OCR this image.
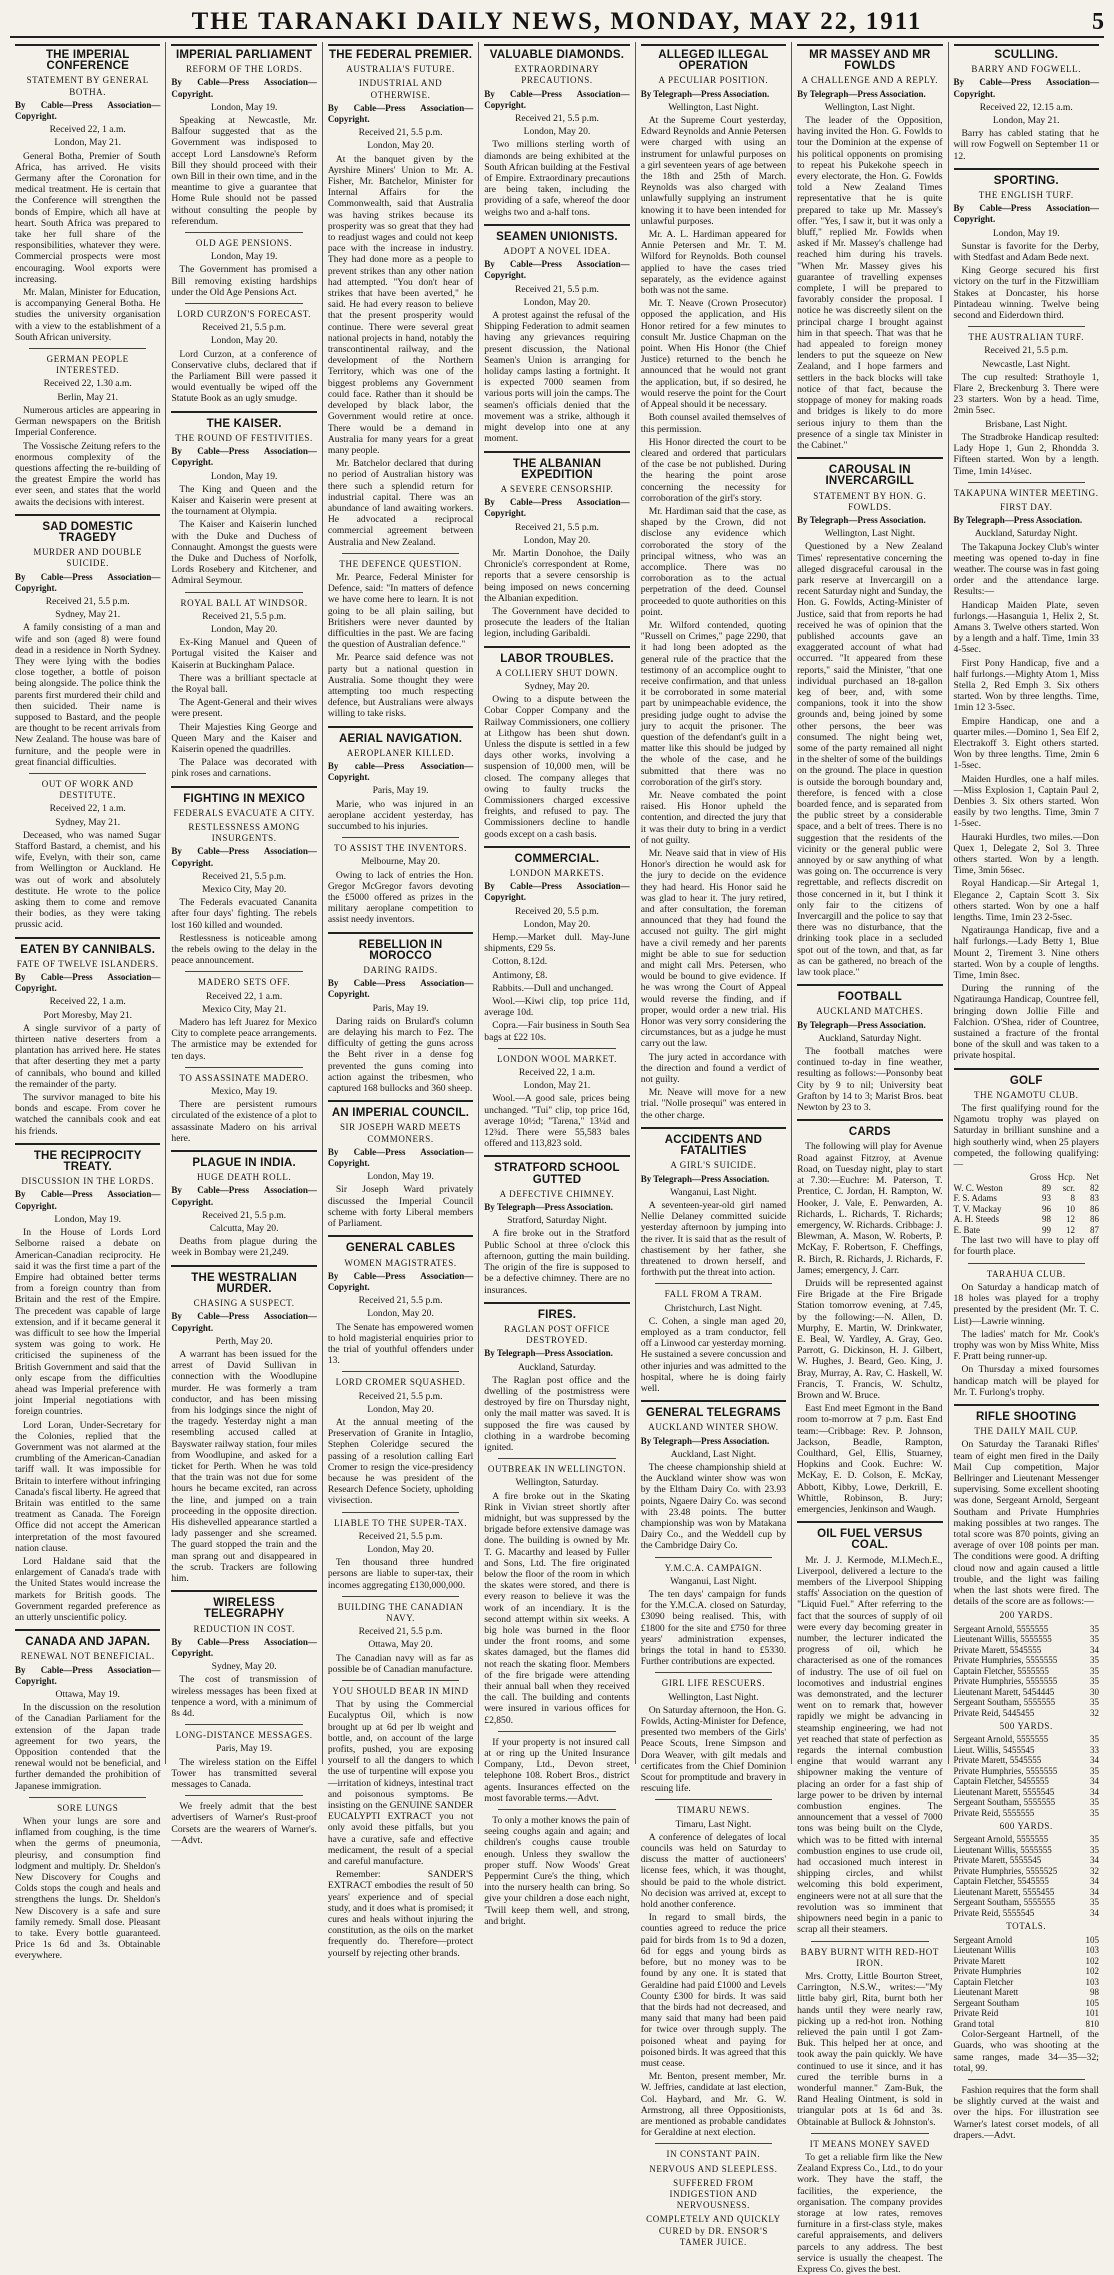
THE TARANAKI DAILY NEWS, MONDAY, MAY 22, 1911	5
THE IMPERIAL CONFERENCE
STATEMENT BY GENERAL BOTHA.

By Cable—Press Association—Copyright.

Received 22, 1 a.m.

London, May 21.

General Botha, Premier of South Africa, has arrived. He visits Germany after the Coronation for medical treatment. He is certain that the Conference will strengthen the bonds of Empire, which all have at heart. South Africa was prepared to take her full share of the responsibilities, whatever they were. Commercial prospects were most encouraging. Wool exports were increasing.

Mr. Malan, Minister for Education, is accompanying General Botha. He studies the university organisation with a view to the establishment of a South African university.

GERMAN PEOPLE INTERESTED.

Received 22, 1.30 a.m.

Berlin, May 21.

Numerous articles are appearing in German newspapers on the British Imperial Conference.

The Vossische Zeitung refers to the enormous complexity of the questions affecting the re-building of the greatest Empire the world has ever seen, and states that the world awaits the decisions with interest.

SAD DOMESTIC TRAGEDY
MURDER AND DOUBLE SUICIDE.

By Cable—Press Association—Copyright.

Received 21, 5.5 p.m.

Sydney, May 21.

A family consisting of a man and wife and son (aged 8) were found dead in a residence in North Sydney. They were lying with the bodies close together, a bottle of poison being alongside. The police think the parents first murdered their child and then suicided. Their name is supposed to Bastard, and the people are thought to be recent arrivals from New Zealand. The house was bare of furniture, and the people were in great financial difficulties.

OUT OF WORK AND DESTITUTE.

Received 22, 1 a.m.

Sydney, May 21.

Deceased, who was named Sugar Stafford Bastard, a chemist, and his wife, Evelyn, with their son, came from Wellington or Auckland. He was out of work and absolutely destitute. He wrote to the police asking them to come and remove their bodies, as they were taking prussic acid.

EATEN BY CANNIBALS.
FATE OF TWELVE ISLANDERS.

By Cable—Press Association—Copyright.

Received 22, 1 a.m.

Port Moresby, May 21.

A single survivor of a party of thirteen native deserters from a plantation has arrived here. He states that after deserting they met a party of cannibals, who bound and killed the remainder of the party.

The survivor managed to bite his bonds and escape. From cover he watched the cannibals cook and eat his friends.

THE RECIPROCITY TREATY.
DISCUSSION IN THE LORDS.

By Cable—Press Association—Copyright.

London, May 19.

In the House of Lords Lord Selborne raised a debate on American-Canadian reciprocity. He said it was the first time a part of the Empire had obtained better terms from a foreign country than from Britain and the rest of the Empire. The precedent was capable of large extension, and if it became general it was difficult to see how the Imperial system was going to work. He criticised the supineness of the British Government and said that the only escape from the difficulties ahead was Imperial preference with joint Imperial negotiations with foreign countries.

Lord Loran, Under-Secretary for the Colonies, replied that the Government was not alarmed at the crumbling of the American-Canadian tariff wall. It was impossible for Britain to interfere without infringing Canada's fiscal liberty. He agreed that Britain was entitled to the same treatment as Canada. The Foreign Office did not accept the American interpretation of the most favoured nation clause.

Lord Haldane said that the enlargement of Canada's trade with the United States would increase the markets for British goods. The Government regarded preference as an utterly unscientific policy.

CANADA AND JAPAN.
RENEWAL NOT BENEFICIAL.

By Cable—Press Association—Copyright.

Ottawa, May 19.

In the discussion on the resolution of the Canadian Parliament for the extension of the Japan trade agreement for two years, the Opposition contended that the renewal would not be beneficial, and further demanded the prohibition of Japanese immigration.

SORE LUNGS

When your lungs are sore and inflamed from coughing, is the time when the germs of pneumonia, pleurisy, and consumption find lodgment and multiply. Dr. Sheldon's New Discovery for Coughs and Colds stops the cough and heals and strengthens the lungs. Dr. Sheldon's New Discovery is a safe and sure family remedy. Small dose. Pleasant to take. Every bottle guaranteed. Price 1s 6d and 3s. Obtainable everywhere.

IMPERIAL PARLIAMENT
REFORM OF THE LORDS.

By Cable—Press Association—Copyright.

London, May 19.

Speaking at Newcastle, Mr. Balfour suggested that as the Government was indisposed to accept Lord Lansdowne's Reform Bill they should proceed with their own Bill in their own time, and in the meantime to give a guarantee that Home Rule should not be passed without consulting the people by referendum.

OLD AGE PENSIONS.

London, May 19.

The Government has promised a Bill removing existing hardships under the Old Age Pensions Act.

LORD CURZON'S FORECAST.

Received 21, 5.5 p.m.

London, May 20.

Lord Curzon, at a conference of Conservative clubs, declared that if the Parliament Bill were passed it would eventually be wiped off the Statute Book as an ugly smudge.

THE KAISER.
THE ROUND OF FESTIVITIES.

By Cable—Press Association—Copyright.

London, May 19.

The King and Queen and the Kaiser and Kaiserin were present at the tournament at Olympia.

The Kaiser and Kaiserin lunched with the Duke and Duchess of Connaught. Amongst the guests were the Duke and Duchess of Norfolk, Lords Rosebery and Kitchener, and Admiral Seymour.

ROYAL BALL AT WINDSOR.

Received 21, 5.5 p.m.

London, May 20.

Ex-King Manuel and Queen of Portugal visited the Kaiser and Kaiserin at Buckingham Palace.

There was a brilliant spectacle at the Royal ball.

The Agent-General and their wives were present.

Their Majesties King George and Queen Mary and the Kaiser and Kaiserin opened the quadrilles.

The Palace was decorated with pink roses and carnations.

FIGHTING IN MEXICO
FEDERALS EVACUATE A CITY.
RESTLESSNESS AMONG INSURGENTS.

By Cable—Press Association—Copyright.

Received 21, 5.5 p.m.

Mexico City, May 20.

The Federals evacuated Cananita after four days' fighting. The rebels lost 160 killed and wounded.

Restlessness is noticeable among the rebels owing to the delay in the peace announcement.

MADERO SETS OFF.

Received 22, 1 a.m.

Mexico City, May 21.

Madero has left Juarez for Mexico City to complete peace arrangements. The armistice may be extended for ten days.

TO ASSASSINATE MADERO.

Mexico, May 19.

There are persistent rumours circulated of the existence of a plot to assassinate Madero on his arrival here.

PLAGUE IN INDIA.
HUGE DEATH ROLL.

By Cable—Press Association—Copyright.

Received 21, 5.5 p.m.

Calcutta, May 20.

Deaths from plague during the week in Bombay were 21,249.

THE WESTRALIAN MURDER.
CHASING A SUSPECT.

By Cable—Press Association—Copyright.

Perth, May 20.

A warrant has been issued for the arrest of David Sullivan in connection with the Woodlupine murder. He was formerly a tram conductor, and has been missing from his lodgings since the night of the tragedy. Yesterday night a man resembling accused called at Bayswater railway station, four miles from Woodlupine, and asked for a ticket for Perth. When he was told that the train was not due for some hours he became excited, ran across the line, and jumped on a train proceeding in the opposite direction. His dishevelled appearance startled a lady passenger and she screamed. The guard stopped the train and the man sprang out and disappeared in the scrub. Trackers are following him.

WIRELESS TELEGRAPHY
REDUCTION IN COST.

By Cable—Press Association—Copyright.

Sydney, May 20.

The cost of transmission of wireless messages has been fixed at tenpence a word, with a minimum of 8s 4d.

LONG-DISTANCE MESSAGES.

Paris, May 19.

The wireless station on the Eiffel Tower has transmitted several messages to Canada.

We freely admit that the best advertisers of Warner's Rust-proof Corsets are the wearers of Warner's.—Advt.

THE FEDERAL PREMIER.
AUSTRALIA'S FUTURE.
INDUSTRIAL AND OTHERWISE.

By Cable—Press Association—Copyright.

Received 21, 5.5 p.m.

London, May 20.

At the banquet given by the Ayrshire Miners' Union to Mr. A. Fisher, Mr. Batchelor, Minister for Internal Affairs for the Commonwealth, said that Australia was having strikes because its prosperity was so great that they had to readjust wages and could not keep pace with the increase in industry. They had done more as a people to prevent strikes than any other nation had attempted. "You don't hear of strikes that have been averted," he said. He had every reason to believe that the present prosperity would continue. There were several great national projects in hand, notably the transcontinental railway, and the development of the Northern Territory, which was one of the biggest problems any Government could face. Rather than it should be developed by black labor, the Government would retire at once. There would be a demand in Australia for many years for a great many people.

Mr. Batchelor declared that during no period of Australian history was there such a splendid return for industrial capital. There was an abundance of land awaiting workers. He advocated a reciprocal commercial agreement between Australia and New Zealand.

THE DEFENCE QUESTION.

Mr. Pearce, Federal Minister for Defence, said: "In matters of defence we have come here to learn. It is not going to be all plain sailing, but Britishers were never daunted by difficulties in the past. We are facing the question of Australian defence."

Mr. Pearce said defence was not party but a national question in Australia. Some thought they were attempting too much respecting defence, but Australians were always willing to take risks.

AERIAL NAVIGATION.
AEROPLANER KILLED.

By cable—Press Association—Copyright.

Paris, May 19.

Marie, who was injured in an aeroplane accident yesterday, has succumbed to his injuries.

TO ASSIST THE INVENTORS.

Melbourne, May 20.

Owing to lack of entries the Hon. Gregor McGregor favors devoting the £5000 offered as prizes in the military aeroplane competition to assist needy inventors.

REBELLION IN MOROCCO
DARING RAIDS.

By Cable—Press Association—Copyright.

Paris, May 19.

Daring raids on Brulard's column are delaying his march to Fez. The difficulty of getting the guns across the Beht river in a dense fog prevented the guns coming into action against the tribesmen, who captured 168 bullocks and 360 sheep.

AN IMPERIAL COUNCIL.
SIR JOSEPH WARD MEETS COMMONERS.

By Cable—Press Association—Copyright.

London, May 19.

Sir Joseph Ward privately discussed the Imperial Council scheme with forty Liberal members of Parliament.

GENERAL CABLES
WOMEN MAGISTRATES.

By Cable—Press Association—Copyright.

Received 21, 5.5 p.m.

London, May 20.

The Senate has empowered women to hold magisterial enquiries prior to the trial of youthful offenders under 13.

LORD CROMER SQUASHED.

Received 21, 5.5 p.m.

London, May 20.

At the annual meeting of the Preservation of Granite in Intaglio, Stephen Coleridge secured the passing of a resolution calling Earl Cromer to resign the vice-presidency because he was president of the Research Defence Society, upholding vivisection.

LIABLE TO THE SUPER-TAX.

Received 21, 5.5 p.m.

London, May 20.

Ten thousand three hundred persons are liable to super-tax, their incomes aggregating £130,000,000.

BUILDING THE CANADIAN NAVY.

Received 21, 5.5 p.m.

Ottawa, May 20.

The Canadian navy will as far as possible be of Canadian manufacture.

YOU SHOULD BEAR IN MIND

That by using the Commercial Eucalyptus Oil, which is now brought up at 6d per lb weight and bottle, and, on account of the large profits, pushed, you are exposing yourself to all the dangers to which the use of turpentine will expose you—irritation of kidneys, intestinal tract and poisonous symptoms. Be insisting on the GENUINE SANDER EUCALYPTI EXTRACT you not only avoid these pitfalls, but you have a curative, safe and effective medicament, the result of a special and careful manufacture.

Remember: SANDER'S EXTRACT embodies the result of 50 years' experience and of special study, and it does what is promised; it cures and heals without injuring the constitution, as the oils on the market frequently do. Therefore—protect yourself by rejecting other brands.

VALUABLE DIAMONDS.
EXTRAORDINARY PRECAUTIONS.

By Cable—Press Association—Copyright.

Received 21, 5.5 p.m.

London, May 20.

Two millions sterling worth of diamonds are being exhibited at the South African building at the Festival of Empire. Extraordinary precautions are being taken, including the providing of a safe, whereof the door weighs two and a-half tons.

SEAMEN UNIONISTS.
ADOPT A NOVEL IDEA.

By Cable—Press Association—Copyright.

Received 21, 5.5 p.m.

London, May 20.

A protest against the refusal of the Shipping Federation to admit seamen having any grievances requiring present discussion, the National Seamen's Union is arranging for holiday camps lasting a fortnight. It is expected 7000 seamen from various ports will join the camps. The seamen's officials denied that the movement was a strike, although it might develop into one at any moment.

THE ALBANIAN EXPEDITION
A SEVERE CENSORSHIP.

By Cable—Press Association—Copyright.

Received 21, 5.5 p.m.

London, May 20.

Mr. Martin Donohoe, the Daily Chronicle's correspondent at Rome, reports that a severe censorship is being imposed on news concerning the Albanian expedition.

The Government have decided to prosecute the leaders of the Italian legion, including Garibaldi.

LABOR TROUBLES.
A COLLIERY SHUT DOWN.

Sydney, May 20.

Owing to a dispute between the Cobar Copper Company and the Railway Commissioners, one colliery at Lithgow has been shut down. Unless the dispute is settled in a few days other works, involving a suspension of 10,000 men, will be closed. The company alleges that owing to faulty trucks the Commissioners charged excessive freights, and refused to pay. The Commissioners decline to handle goods except on a cash basis.

COMMERCIAL.
LONDON MARKETS.

By Cable—Press Association—Copyright.

Received 20, 5.5 p.m.

London, May 20.

Hemp.—Market dull. May-June shipments, £29 5s.

Cotton, 8.12d.

Antimony, £8.

Rabbits.—Dull and unchanged.

Wool.—Kiwi clip, top price 11d, average 10d.

Copra.—Fair business in South Sea bags at £22 10s.

LONDON WOOL MARKET.

Received 22, 1 a.m.

London, May 21.

Wool.—A good sale, prices being unchanged. "Tui" clip, top price 16d, average 10½d; "Tarena," 13¼d and 12¾d. There were 55,583 bales offered and 113,823 sold.

STRATFORD SCHOOL GUTTED
A DEFECTIVE CHIMNEY.

By Telegraph—Press Association.

Stratford, Saturday Night.

A fire broke out in the Stratford Public School at three o'clock this afternoon, gutting the main building. The origin of the fire is supposed to be a defective chimney. There are no insurances.

FIRES.
RAGLAN POST OFFICE DESTROYED.

By Telegraph—Press Association.

Auckland, Saturday.

The Raglan post office and the dwelling of the postmistress were destroyed by fire on Thursday night, only the mail matter was saved. It is supposed the fire was caused by clothing in a wardrobe becoming ignited.

OUTBREAK IN WELLINGTON.

Wellington, Saturday.

A fire broke out in the Skating Rink in Vivian street shortly after midnight, but was suppressed by the brigade before extensive damage was done. The building is owned by Mr. T. G. Macarthy and leased by Fuller and Sons, Ltd. The fire originated below the floor of the room in which the skates were stored, and there is every reason to believe it was the work of an incendiary. It is the second attempt within six weeks. A big hole was burned in the floor under the front rooms, and some skates damaged, but the flames did not reach the skating floor. Members of the fire brigade were attending their annual ball when they received the call. The building and contents were insured in various offices for £2,850.

If your property is not insured call at or ring up the United Insurance Company, Ltd., Devon street, telephone 108. Robert Bros., district agents. Insurances effected on the most favorable terms.—Advt.

To only a mother knows the pain of seeing coughs again and again; and children's coughs cause trouble enough. Unless they swallow the proper stuff. Now Woods' Great Peppermint Cure's the thing, which into the nursery health can bring. So give your children a dose each night, 'Twill keep them well, and strong, and bright.

ALLEGED ILLEGAL OPERATION
A PECULIAR POSITION.

By Telegraph—Press Association.

Wellington, Last Night.

At the Supreme Court yesterday, Edward Reynolds and Annie Petersen were charged with using an instrument for unlawful purposes on a girl seventeen years of age between the 18th and 25th of March. Reynolds was also charged with unlawfully supplying an instrument knowing it to have been intended for unlawful purposes.

Mr. A. L. Hardiman appeared for Annie Petersen and Mr. T. M. Wilford for Reynolds. Both counsel applied to have the cases tried separately, as the evidence against both was not the same.

Mr. T. Neave (Crown Prosecutor) opposed the application, and His Honor retired for a few minutes to consult Mr. Justice Chapman on the point. When His Honor (the Chief Justice) returned to the bench he announced that he would not grant the application, but, if so desired, he would reserve the point for the Court of Appeal should it be necessary.

Both counsel availed themselves of this permission.

His Honor directed the court to be cleared and ordered that particulars of the case be not published. During the hearing the point arose concerning the necessity for corroboration of the girl's story.

Mr. Hardiman said that the case, as shaped by the Crown, did not disclose any evidence which corroborated the story of the principal witness, who was an accomplice. There was no corroboration as to the actual perpetration of the deed. Counsel proceeded to quote authorities on this point.

Mr. Wilford contended, quoting "Russell on Crimes," page 2290, that it had long been adopted as the general rule of the practice that the testimony of an accomplice ought to receive confirmation, and that unless it be corroborated in some material part by unimpeachable evidence, the presiding judge ought to advise the jury to acquit the prisoner. The question of the defendant's guilt in a matter like this should be judged by the whole of the case, and he submitted that there was no corroboration of the girl's story.

Mr. Neave combated the point raised. His Honor upheld the contention, and directed the jury that it was their duty to bring in a verdict of not guilty.

Mr. Neave said that in view of His Honor's direction he would ask for the jury to decide on the evidence they had heard. His Honor said he was glad to hear it. The jury retired, and after consultation, the foreman announced that they had found the accused not guilty. The girl might have a civil remedy and her parents might be able to sue for seduction and might call Mrs. Petersen, who would be bound to give evidence. If he was wrong the Court of Appeal would reverse the finding, and if proper, would order a new trial. His Honor was very sorry considering the circumstances, but as a judge he must carry out the law.

The jury acted in accordance with the direction and found a verdict of not guilty.

Mr. Neave will move for a new trial. "Nolle prosequi" was entered in the other charge.

ACCIDENTS AND FATALITIES
A GIRL'S SUICIDE.

By Telegraph—Press Association.

Wanganui, Last Night.

A seventeen-year-old girl named Nellie Delaney committed suicide yesterday afternoon by jumping into the river. It is said that as the result of chastisement by her father, she threatened to drown herself, and forthwith put the threat into action.

FALL FROM A TRAM.

Christchurch, Last Night.

C. Cohen, a single man aged 20, employed as a tram conductor, fell off a Linwood car yesterday morning. He sustained a severe concussion and other injuries and was admitted to the hospital, where he is doing fairly well.

GENERAL TELEGRAMS
AUCKLAND WINTER SHOW.

By Telegraph—Press Association.

Auckland, Last Night.

The cheese championship shield at the Auckland winter show was won by the Eltham Dairy Co. with 23.93 points, Ngaere Dairy Co. was second with 23.48 points. The butter championship was won by Matakana Dairy Co., and the Weddell cup by the Cambridge Dairy Co.

Y.M.C.A. CAMPAIGN.

Wanganui, Last Night.

The ten days' campaign for funds for the Y.M.C.A. closed on Saturday, £3090 being realised. This, with £1800 for the site and £750 for three years' administration expenses, brings the total in hand to £5330. Further contributions are expected.

GIRL LIFE RESCUERS.

Wellington, Last Night.

On Saturday afternoon, the Hon. G. Fowlds, Acting-Minister for Defence, presented two members of the Girls' Peace Scouts, Irene Simpson and Dora Weaver, with gilt medals and certificates from the Chief Dominion Scout for promptitude and bravery in rescuing life.

TIMARU NEWS.

Timaru, Last Night.

A conference of delegates of local councils was held on Saturday to discuss the matter of auctioneers' license fees, which, it was thought, should be paid to the whole district. No decision was arrived at, except to hold another conference.

In regard to small birds, the counties agreed to reduce the price paid for birds from 1s to 9d a dozen, 6d for eggs and young birds as before, but no money was to be found by any one. It is stated that Geraldine had paid £1000 and Levels County £300 for birds. It was said that the birds had not decreased, and many said that many had been paid for twice over through supply. The poisoned wheat and paying for poisoned birds. It was agreed that this must cease.

Mr. Benton, present member, Mr. W. Jeffries, candidate at last election, Col. Haybard, and Mr. G. W. Armstrong, all three Oppositionists, are mentioned as probable candidates for Geraldine at next election.

IN CONSTANT PAIN.
NERVOUS AND SLEEPLESS.
SUFFERED FROM INDIGESTION AND NERVOUSNESS.
COMPLETELY AND QUICKLY CURED by DR. ENSOR'S TAMER JUICE.
MR MASSEY AND MR FOWLDS
A CHALLENGE AND A REPLY.

By Telegraph—Press Association.

Wellington, Last Night.

The leader of the Opposition, having invited the Hon. G. Fowlds to tour the Dominion at the expense of his political opponents on promising to repeat his Pukekohe speech in every electorate, the Hon. G. Fowlds told a New Zealand Times representative that he is quite prepared to take up Mr. Massey's offer. "Yes, I saw it, but it was only a bluff," replied Mr. Fowlds when asked if Mr. Massey's challenge had reached him during his travels. "When Mr. Massey gives his guarantee of travelling expenses complete, I will be prepared to favorably consider the proposal. I notice he was discreetly silent on the principal charge I brought against him in that speech. That was that he had appealed to foreign money lenders to put the squeeze on New Zealand, and I hope farmers and settlers in the back blocks will take notice of that fact, because the stoppage of money for making roads and bridges is likely to do more serious injury to them than the presence of a single tax Minister in the Cabinet."

CAROUSAL IN INVERCARGILL
STATEMENT BY HON. G. FOWLDS.

By Telegraph—Press Association.

Wellington, Last Night.

Questioned by a New Zealand Times' representative concerning the alleged disgraceful carousal in the park reserve at Invercargill on a recent Saturday night and Sunday, the Hon. G. Fowlds, Acting-Minister of Justice, said that from reports he had received he was of opinion that the published accounts gave an exaggerated account of what had occurred. "It appeared from these reports," said the Minister, "that one individual purchased an 18-gallon keg of beer, and, with some companions, took it into the show grounds and, being joined by some other persons, the beer was consumed. The night being wet, some of the party remained all night in the shelter of some of the buildings on the ground. The place in question is outside the borough boundary and, therefore, is fenced with a close boarded fence, and is separated from the public street by a considerable space, and a belt of trees. There is no suggestion that the residents of the vicinity or the general public were annoyed by or saw anything of what was going on. The occurrence is very regrettable, and reflects discredit on those concerned in it, but I think it only fair to the citizens of Invercargill and the police to say that there was no disturbance, that the drinking took place in a secluded spot out of the town, and that, as far as can be gathered, no breach of the law took place."

FOOTBALL
AUCKLAND MATCHES.

By Telegraph—Press Association.

Auckland, Saturday Night.

The football matches were continued to-day in fine weather, resulting as follows:—Ponsonby beat City by 9 to nil; University beat Grafton by 14 to 3; Marist Bros. beat Newton by 23 to 3.

CARDS

The following will play for Avenue Road against Fitzroy, at Avenue Road, on Tuesday night, play to start at 7.30:—Euchre: M. Paterson, T. Prentice, C. Jordan, H. Rampton, W. Hooker, J. Vale, E. Penwarden, A. Richards, L. Richards, T. Richards; emergency, W. Richards. Cribbage: J. Blewman, A. Mason, W. Roberts, P. McKay, F. Robertson, F. Cheffings, R. Birch, R. Richards, J. Richards, F. James; emergency, J. Carr.

Druids will be represented against Fire Brigade at the Fire Brigade Station tomorrow evening, at 7.45, by the following:—N. Allen, D. Murphy, E. Martin, W. Drinkwater, E. Beal, W. Yardley, A. Gray, Geo. Parrott, G. Dickinson, H. J. Gilbert, W. Hughes, J. Beard, Geo. King, J. Bray, Murray, A. Rav, C. Haskell, W. Francis, T. Francis, W. Schultz, Brown and W. Bruce.

East End meet Egmont in the Band room to-morrow at 7 p.m. East End team:—Cribbage: Rev. P. Johnson, Jackson, Beadle, Rampton, Coulthard, Gel, Ellis, Stuarney, Hopkins and Cook. Euchre: W. McKay, E. D. Colson, E. McKay, Abbott, Kibby, Lowe, Derkrill, E. Whittle, Robinson, B. Jury; emergencies, Jenkinson and Waugh.

OIL FUEL VERSUS COAL.

Mr. J. J. Kermode, M.I.Mech.E., Liverpool, delivered a lecture to the members of the Liverpool Shipping staffs' Association on the question of "Liquid Fuel." After referring to the fact that the sources of supply of oil were every day becoming greater in number, the lecturer indicated the progress of oil, which he characterised as one of the romances of industry. The use of oil fuel on locomotives and industrial engines was demonstrated, and the lecturer went on to remark that, however rapidly we might be advancing in steamship engineering, we had not yet reached that state of perfection as regards the internal combustion engine that would warrant any shipowner making the venture of placing an order for a fast ship of large power to be driven by internal combustion engines. The announcement that a vessel of 7000 tons was being built on the Clyde, which was to be fitted with internal combustion engines to use crude oil, had occasioned much interest in shipping circles, and whilst welcoming this bold experiment, engineers were not at all sure that the revolution was so imminent that shipowners need begin in a panic to scrap all their steamers.

BABY BURNT WITH RED-HOT IRON.

Mrs. Crotty, Little Bourton Street, Carrington, N.S.W., writes:—"My little baby girl, Rita, burnt both her hands until they were nearly raw, picking up a red-hot iron. Nothing relieved the pain until I got Zam-Buk. This helped her at once, and took away the pain quickly. We have continued to use it since, and it has cured the terrible burns in a wonderful manner." Zam-Buk, the Rand Healing Ointment, is sold in triangular pots at 1s 6d and 3s. Obtainable at Bullock & Johnston's.

IT MEANS MONEY SAVED

To get a reliable firm like the New Zealand Express Co., Ltd., to do your work. They have the staff, the facilities, the experience, the organisation. The company provides storage at low rates, removes furniture in a first-class style, makes careful appraisements, and delivers parcels to any address. The best service is usually the cheapest. The Express Co. gives the best.

SCULLING.
BARRY AND FOGWELL.

By Cable—Press Association—Copyright.

Received 22, 12.15 a.m.

London, May 21.

Barry has cabled stating that he will row Fogwell on September 11 or 12.

SPORTING.
THE ENGLISH TURF.

By Cable—Press Association—Copyright.

London, May 19.

Sunstar is favorite for the Derby, with Stedfast and Adam Bede next.

King George secured his first victory on the turf in the Fitzwilliam Stakes at Doncaster, his horse Pintadeau winning. Twelve being second and Eiderdown third.

THE AUSTRALIAN TURF.

Received 21, 5.5 p.m.

Newcastle, Last Night.

The cup resulted: Strathoyle 1, Flare 2, Breckenburg 3. There were 23 starters. Won by a head. Time, 2min 5sec.

Brisbane, Last Night.

The Stradbroke Handicap resulted: Lady Hope 1, Gun 2, Rhondda 3. Fifteen started. Won by a length. Time, 1min 14¼sec.

TAKAPUNA WINTER MEETING.
FIRST DAY.

By Telegraph—Press Association.

Auckland, Saturday Night.

The Takapuna Jockey Club's winter meeting was opened to-day in fine weather. The course was in fast going order and the attendance large. Results:—

Handicap Maiden Plate, seven furlongs.—Hasanguia 1, Helix 2, St. Amans 3. Twelve others started. Won by a length and a half. Time, 1min 33 4-5sec.

First Pony Handicap, five and a half furlongs.—Mighty Atom 1, Miss Stella 2, Red Emph 3. Six others started. Won by three lengths. Time, 1min 12 3-5sec.

Empire Handicap, one and a quarter miles.—Domino 1, Sea Elf 2, Electrakoff 3. Eight others started. Won by three lengths. Time, 2min 6 1-5sec.

Maiden Hurdles, one a half miles.—Miss Explosion 1, Captain Paul 2, Denbies 3. Six others started. Won easily by two lengths. Time, 3min 7 1-5sec.

Hauraki Hurdles, two miles.—Don Quex 1, Delegate 2, Sol 3. Three others started. Won by a length. Time, 3min 56sec.

Royal Handicap.—Sir Artegal 1, Elegance 2, Captain Scott 3. Six others started. Won by one a half lengths. Time, 1min 23 2-5sec.

Ngatiraunga Handicap, five and a half furlongs.—Lady Betty 1, Blue Mount 2, Tirement 3. Nine others started. Won by a couple of lengths. Time, 1min 8sec.

During the running of the Ngatiraunga Handicap, Countree fell, bringing down Jollie Fille and Falchion. O'Shea, rider of Countree, sustained a fracture of the frontal bone of the skull and was taken to a private hospital.

GOLF
THE NGAMOTU CLUB.

The first qualifying round for the Ngamotu trophy was played on Saturday in brilliant sunshine and a high southerly wind, when 25 players competed, the following qualifying:—

	Gross	Hcp.	Net
W. C. Weston	89	scr.	82
F. S. Adams	93	8	83
T. V. Mackay	96	10	86
A. H. Steeds	98	12	86
E. Bate	99	12	87

The last two will have to play off for fourth place.

TARAHUA CLUB.

On Saturday a handicap match of 18 holes was played for a trophy presented by the president (Mr. T. C. List)—Lawrie winning.

The ladies' match for Mr. Cook's trophy was won by Miss White, Miss F. Pratt being runner-up.

On Thursday a mixed foursomes handicap match will be played for Mr. T. Furlong's trophy.

RIFLE SHOOTING
THE DAILY MAIL CUP.

On Saturday the Taranaki Rifles' team of eight men fired in the Daily Mail Cup competition, Major Bellringer and Lieutenant Messenger supervising. Some excellent shooting was done, Sergeant Arnold, Sergeant Southam and Private Humphries making possibles at two ranges. The total score was 870 points, giving an average of over 108 points per man. The conditions were good. A drifting cloud now and again caused a little trouble, and the light was failing when the last shots were fired. The details of the score are as follows:—

200 YARDS.
Sergeant Arnold, 5555555	35
Lieutenant Willis, 5555555	35
Private Marett, 5545555	34
Private Humphries, 5555555	35
Captain Fletcher, 5555555	35
Private Humphries, 5555555	35
Lieutenant Marett, 5454445	30
Sergeant Southam, 5555555	35
Private Reid, 5445455	32
500 YARDS.
Sergeant Arnold, 5555555	35
Lieut. Willis, 5455545	33
Private Marett, 5545555	34
Private Humphries, 5555555	35
Captain Fletcher, 5455555	34
Lieutenant Marett, 5555545	34
Sergeant Southam, 5555555	35
Private Reid, 5555555	35
600 YARDS.
Sergeant Arnold, 5555555	35
Lieutenant Willis, 5555555	35
Private Marett, 5555545	34
Private Humphries, 5555525	32
Captain Fletcher, 5545555	34
Lieutenant Marett, 5555455	34
Sergeant Southam, 5555555	35
Private Reid, 5555545	34
TOTALS.
Sergeant Arnold	105
Lieutenant Willis	103
Private Marett	102
Private Humphries	102
Captain Fletcher	103
Lieutenant Marett	98
Sergeant Southam	105
Private Reid	101
Grand total	810

Color-Sergeant Hartnell, of the Guards, who was shooting at the same ranges, made 34—35—32; total, 99.

Fashion requires that the form shall be slightly curved at the waist and over the hips. For illustration see Warner's latest corset models, of all drapers.—Advt.
